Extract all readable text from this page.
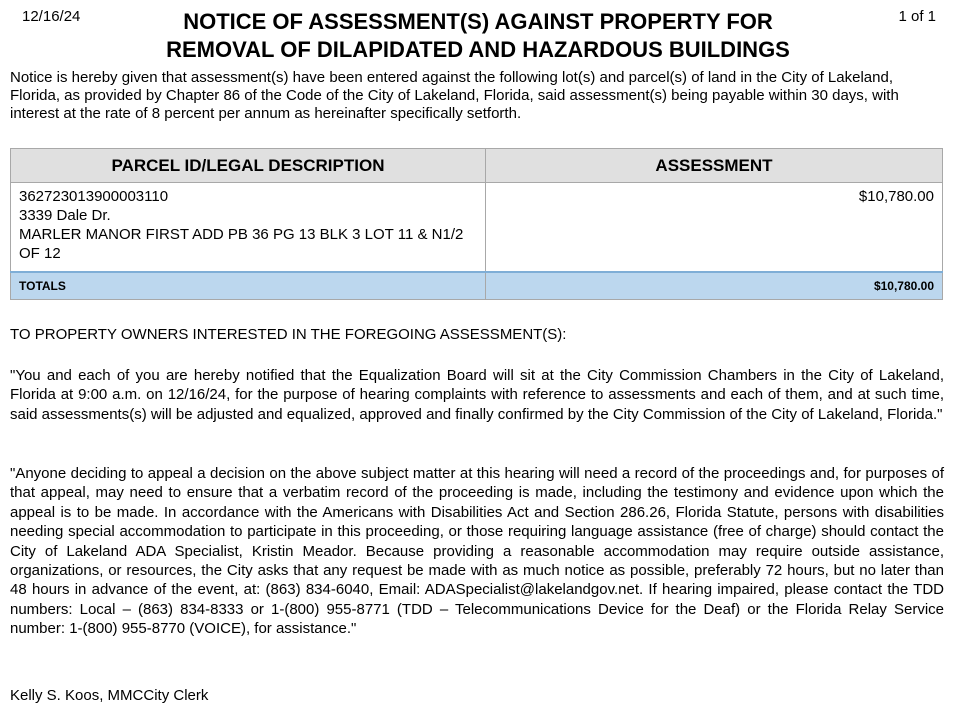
12/16/24	1 of 1
NOTICE OF ASSESSMENT(S) AGAINST PROPERTY FOR
REMOVAL OF DILAPIDATED AND HAZARDOUS BUILDINGS
Notice is hereby given that assessment(s) have been entered against the following lot(s) and parcel(s) of land in the City of Lakeland, Florida, as provided by Chapter 86 of the Code of the City of Lakeland, Florida, said assessment(s) being payable within 30 days, with interest at the rate of 8 percent per annum as hereinafter specifically setforth.
PARCEL ID/LEGAL DESCRIPTION	ASSESSMENT

362723013900003110
3339 Dale Dr.
MARLER MANOR FIRST ADD PB 36 PG 13 BLK 3 LOT 11 & N1/2 OF 12	$10,780.00
TOTALS	$10,780.00
TO PROPERTY OWNERS INTERESTED IN THE FOREGOING ASSESSMENT(S):
"You and each of you are hereby notified that the Equalization Board will sit at the City Commission Chambers in the City of Lakeland, Florida at 9:00 a.m. on 12/16/24, for the purpose of hearing complaints with reference to assessments and each of them, and at such time, said assessments(s) will be adjusted and equalized, approved and finally confirmed by the City Commission of the City of Lakeland, Florida."
"Anyone deciding to appeal a decision on the above subject matter at this hearing will need a record of the proceedings and, for purposes of that appeal, may need to ensure that a verbatim record of the proceeding is made, including the testimony and evidence upon which the appeal is to be made. In accordance with the Americans with Disabilities Act and Section 286.26, Florida Statute, persons with disabilities needing special accommodation to participate in this proceeding, or those requiring language assistance (free of charge) should contact the City of Lakeland ADA Specialist, Kristin Meador. Because providing a reasonable accommodation may require outside assistance, organizations, or resources, the City asks that any request be made with as much notice as possible, preferably 72 hours, but no later than 48 hours in advance of the event, at: (863) 834-6040, Email: ADASpecialist@lakelandgov.net. If hearing impaired, please contact the TDD numbers: Local – (863) 834-8333 or 1-(800) 955-8771 (TDD – Telecommunications Device for the Deaf) or the Florida Relay Service number: 1-(800) 955-8770 (VOICE), for assistance."
Kelly S. Koos, MMCCity Clerk
